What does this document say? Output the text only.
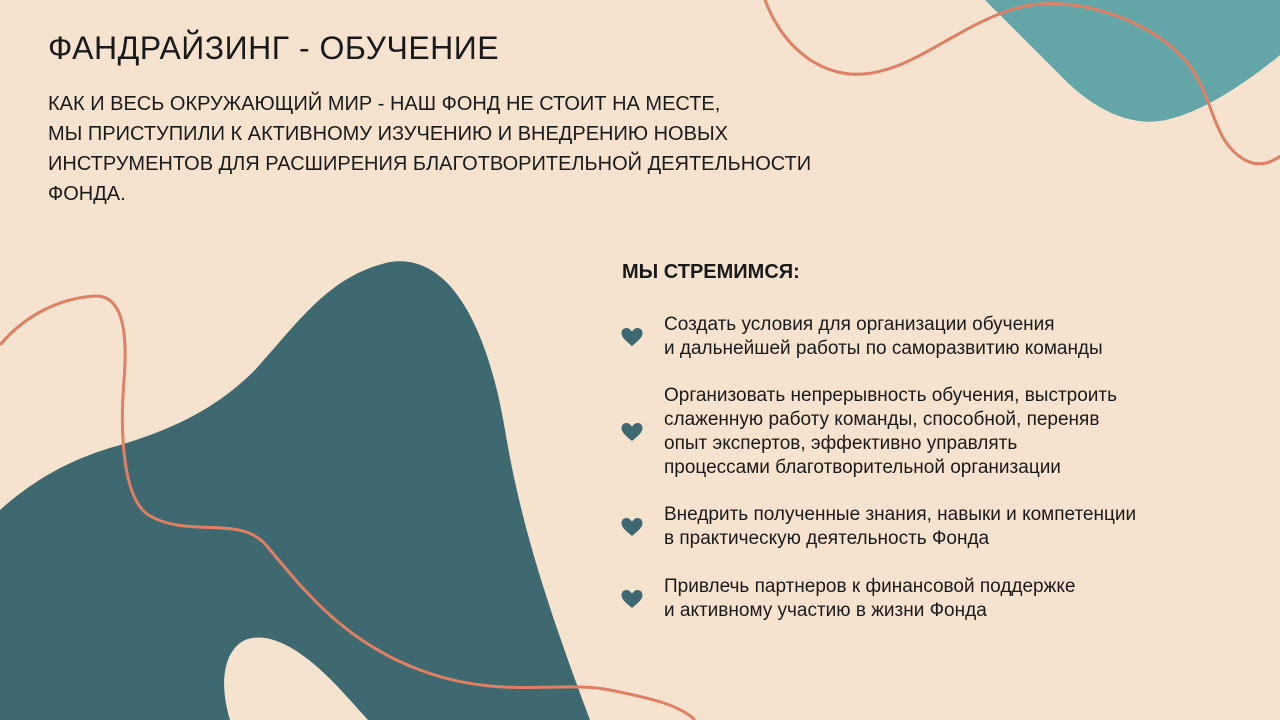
ФАНДРАЙЗИНГ - ОБУЧЕНИЕ

КАК И ВЕСЬ ОКРУЖАЮЩИЙ МИР - НАШ ФОНД НЕ СТОИТ НА МЕСТЕ,
МЫ ПРИСТУПИЛИ К АКТИВНОМУ ИЗУЧЕНИЮ И ВНЕДРЕНИЮ НОВЫХ
ИНСТРУМЕНТОВ ДЛЯ РАСШИРЕНИЯ БЛАГОТВОРИТЕЛЬНОЙ ДЕЯТЕЛЬНОСТИ
ФОНДА.

МЫ СТРЕМИМСЯ:
Создать условия для организации обучения
и дальнейшей работы по саморазвитию команды
Организовать непрерывность обучения, выстроить
слаженную работу команды, способной, переняв
опыт экспертов, эффективно управлять
процессами благотворительной организации
Внедрить полученные знания, навыки и компетенции
в практическую деятельность Фонда
Привлечь партнеров к финансовой поддержке
и активному участию в жизни Фонда
